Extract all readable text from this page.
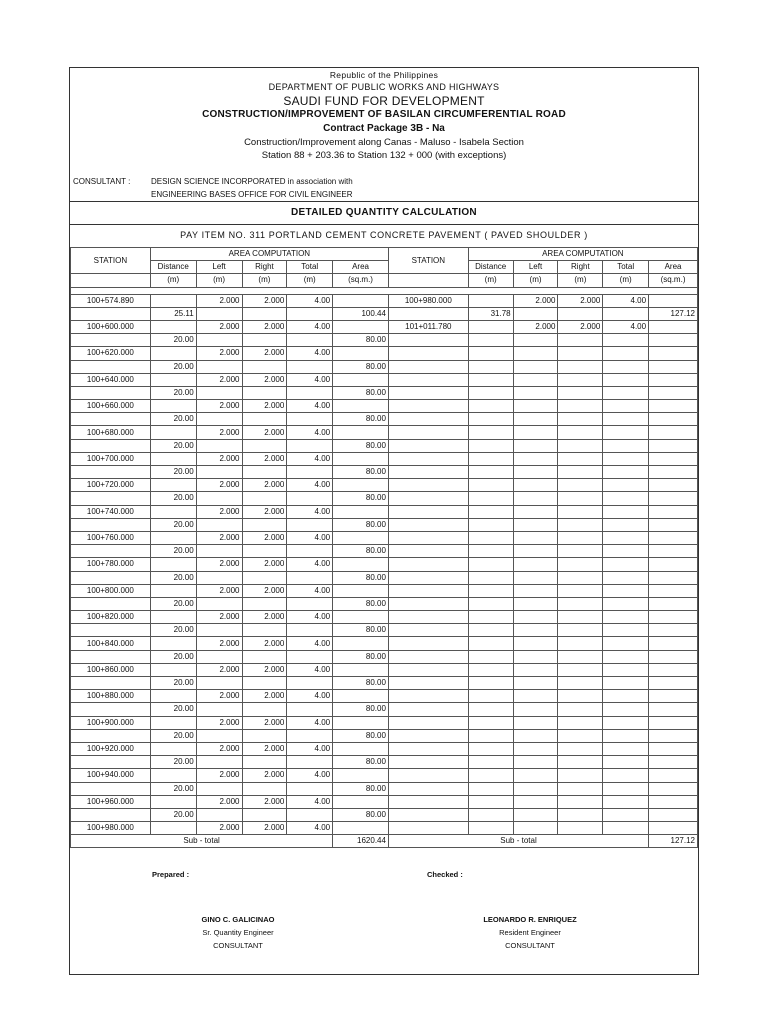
Republic of the Philippines
DEPARTMENT OF PUBLIC WORKS AND HIGHWAYS
SAUDI FUND FOR DEVELOPMENT
CONSTRUCTION/IMPROVEMENT OF BASILAN CIRCUMFERENTIAL ROAD
Contract Package 3B - Na
Construction/Improvement along Canas - Maluso - Isabela Section
Station 88 + 203.36 to Station 132 + 000 (with exceptions)
CONSULTANT :	DESIGN SCIENCE INCORPORATED in association with
ENGINEERING BASES OFFICE FOR CIVIL ENGINEER
DETAILED QUANTITY CALCULATION
PAY ITEM NO. 311 PORTLAND CEMENT CONCRETE PAVEMENT ( PAVED SHOULDER )
STATION	AREA COMPUTATION					STATION	AREA COMPUTATION				
	Distance	Left	Right	Total	Area		Distance	Left	Right	Total	Area
	(m)	(m)	(m)	(m)	(sq.m.)		(m)	(m)	(m)	(m)	(sq.m.)

100+574.890		2.000	2.000	4.00		100+980.000		2.000	2.000	4.00	
	25.11				100.44		31.78				127.12
100+600.000		2.000	2.000	4.00		101+011.780		2.000	2.000	4.00	
	20.00				80.00						
100+620.000		2.000	2.000	4.00							
	20.00				80.00						
100+640.000		2.000	2.000	4.00							
	20.00				80.00						
100+660.000		2.000	2.000	4.00							
	20.00				80.00						
100+680.000		2.000	2.000	4.00							
	20.00				80.00						
100+700.000		2.000	2.000	4.00							
	20.00				80.00						
100+720.000		2.000	2.000	4.00							
	20.00				80.00						
100+740.000		2.000	2.000	4.00							
	20.00				80.00						
100+760.000		2.000	2.000	4.00							
	20.00				80.00						
100+780.000		2.000	2.000	4.00							
	20.00				80.00						
100+800.000		2.000	2.000	4.00							
	20.00				80.00						
100+820.000		2.000	2.000	4.00							
	20.00				80.00						
100+840.000		2.000	2.000	4.00							
	20.00				80.00						
100+860.000		2.000	2.000	4.00							
	20.00				80.00						
100+880.000		2.000	2.000	4.00							
	20.00				80.00						
100+900.000		2.000	2.000	4.00							
	20.00				80.00						
100+920.000		2.000	2.000	4.00							
	20.00				80.00						
100+940.000		2.000	2.000	4.00							
	20.00				80.00						
100+960.000		2.000	2.000	4.00							
	20.00				80.00						
100+980.000		2.000	2.000	4.00							
Sub - total					1620.44	Sub - total					127.12
Prepared :	Checked :
GINO C. GALICINAO
Sr. Quantity Engineer
CONSULTANT
LEONARDO R. ENRIQUEZ
Resident Engineer
CONSULTANT
